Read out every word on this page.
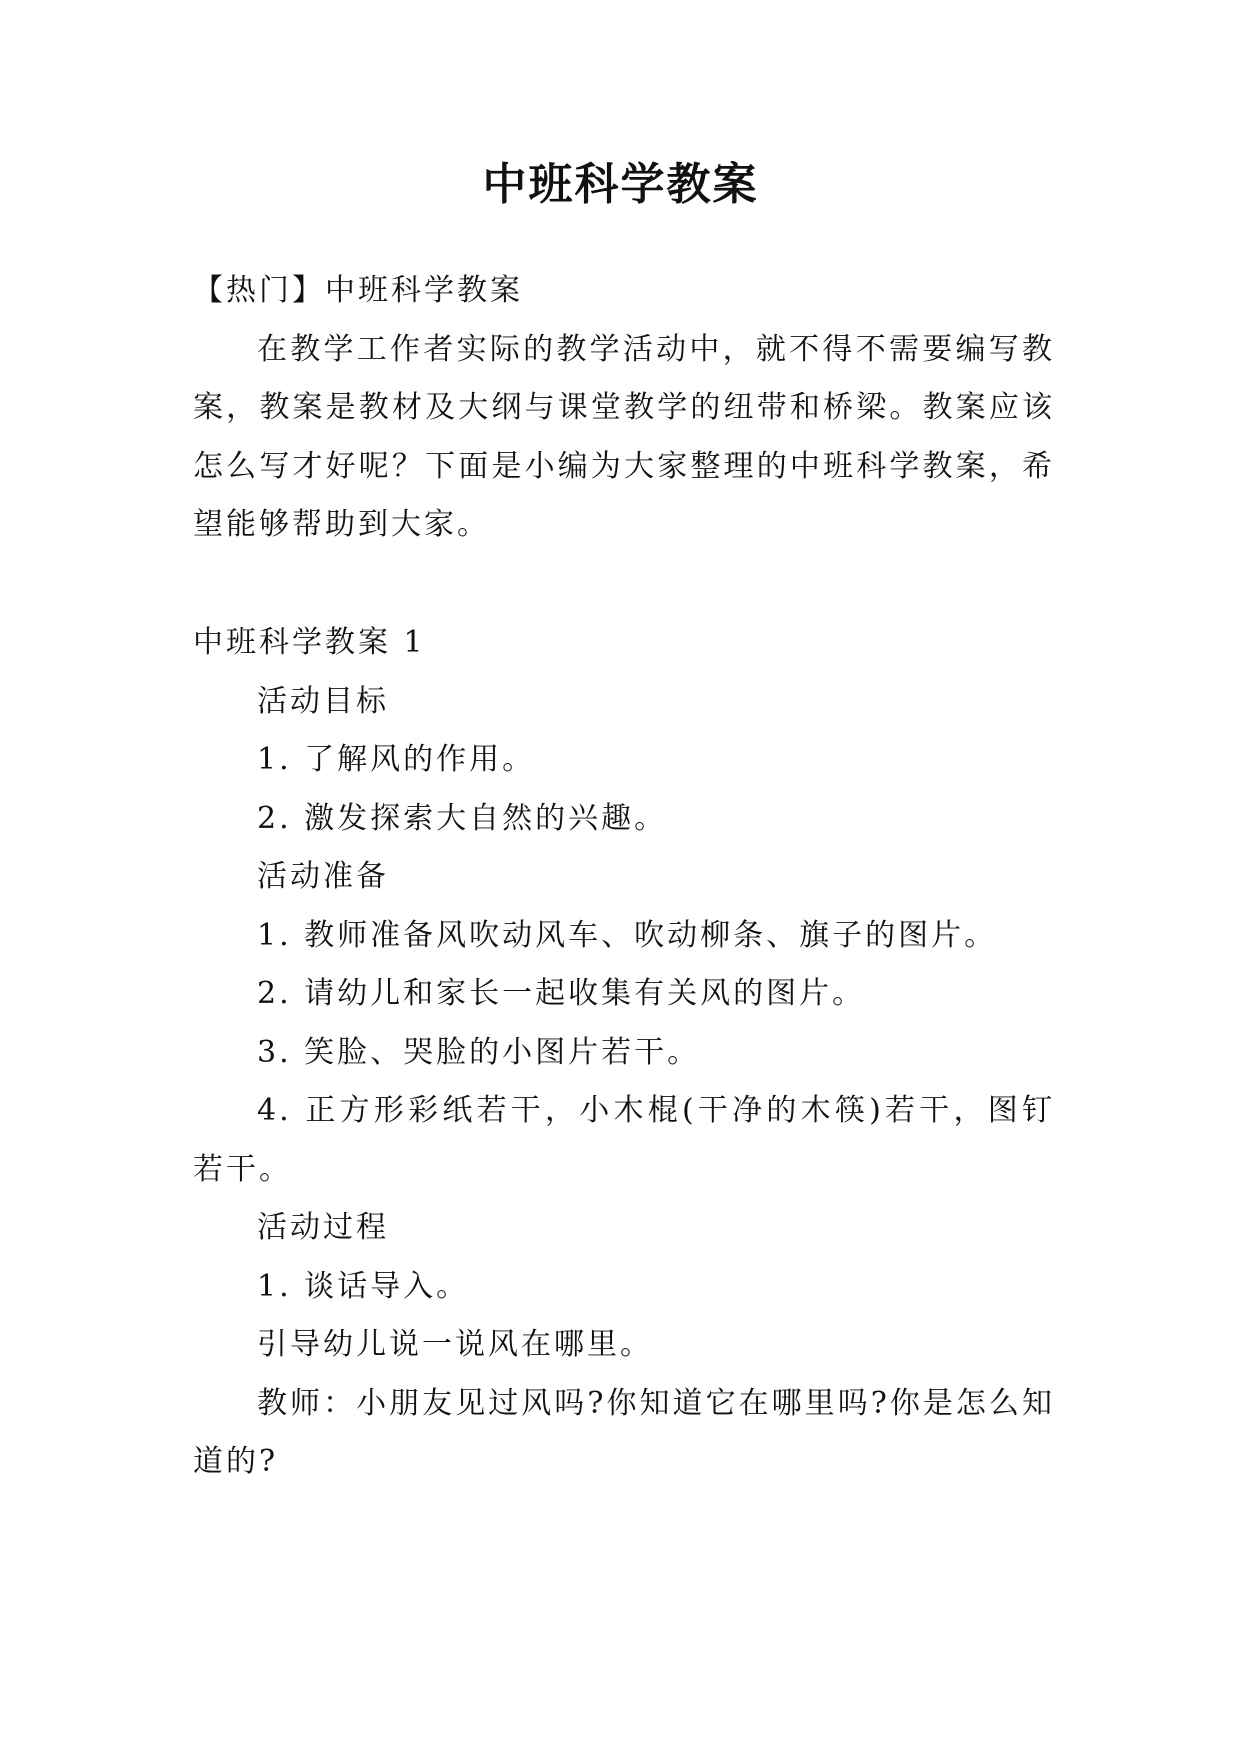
中班科学教案

【热门】中班科学教案

在教学工作者实际的教学活动中，就不得不需要编写教案，教案是教材及大纲与课堂教学的纽带和桥梁。教案应该怎么写才好呢？下面是小编为大家整理的中班科学教案，希望能够帮助到大家。

中班科学教案 1

活动目标

1. 了解风的作用。

2. 激发探索大自然的兴趣。

活动准备

1. 教师准备风吹动风车、吹动柳条、旗子的图片。

2. 请幼儿和家长一起收集有关风的图片。

3. 笑脸、哭脸的小图片若干。

4. 正方形彩纸若干，小木棍(干净的木筷)若干，图钉若干。

活动过程

1. 谈话导入。

引导幼儿说一说风在哪里。

教师：小朋友见过风吗?你知道它在哪里吗?你是怎么知道的?
